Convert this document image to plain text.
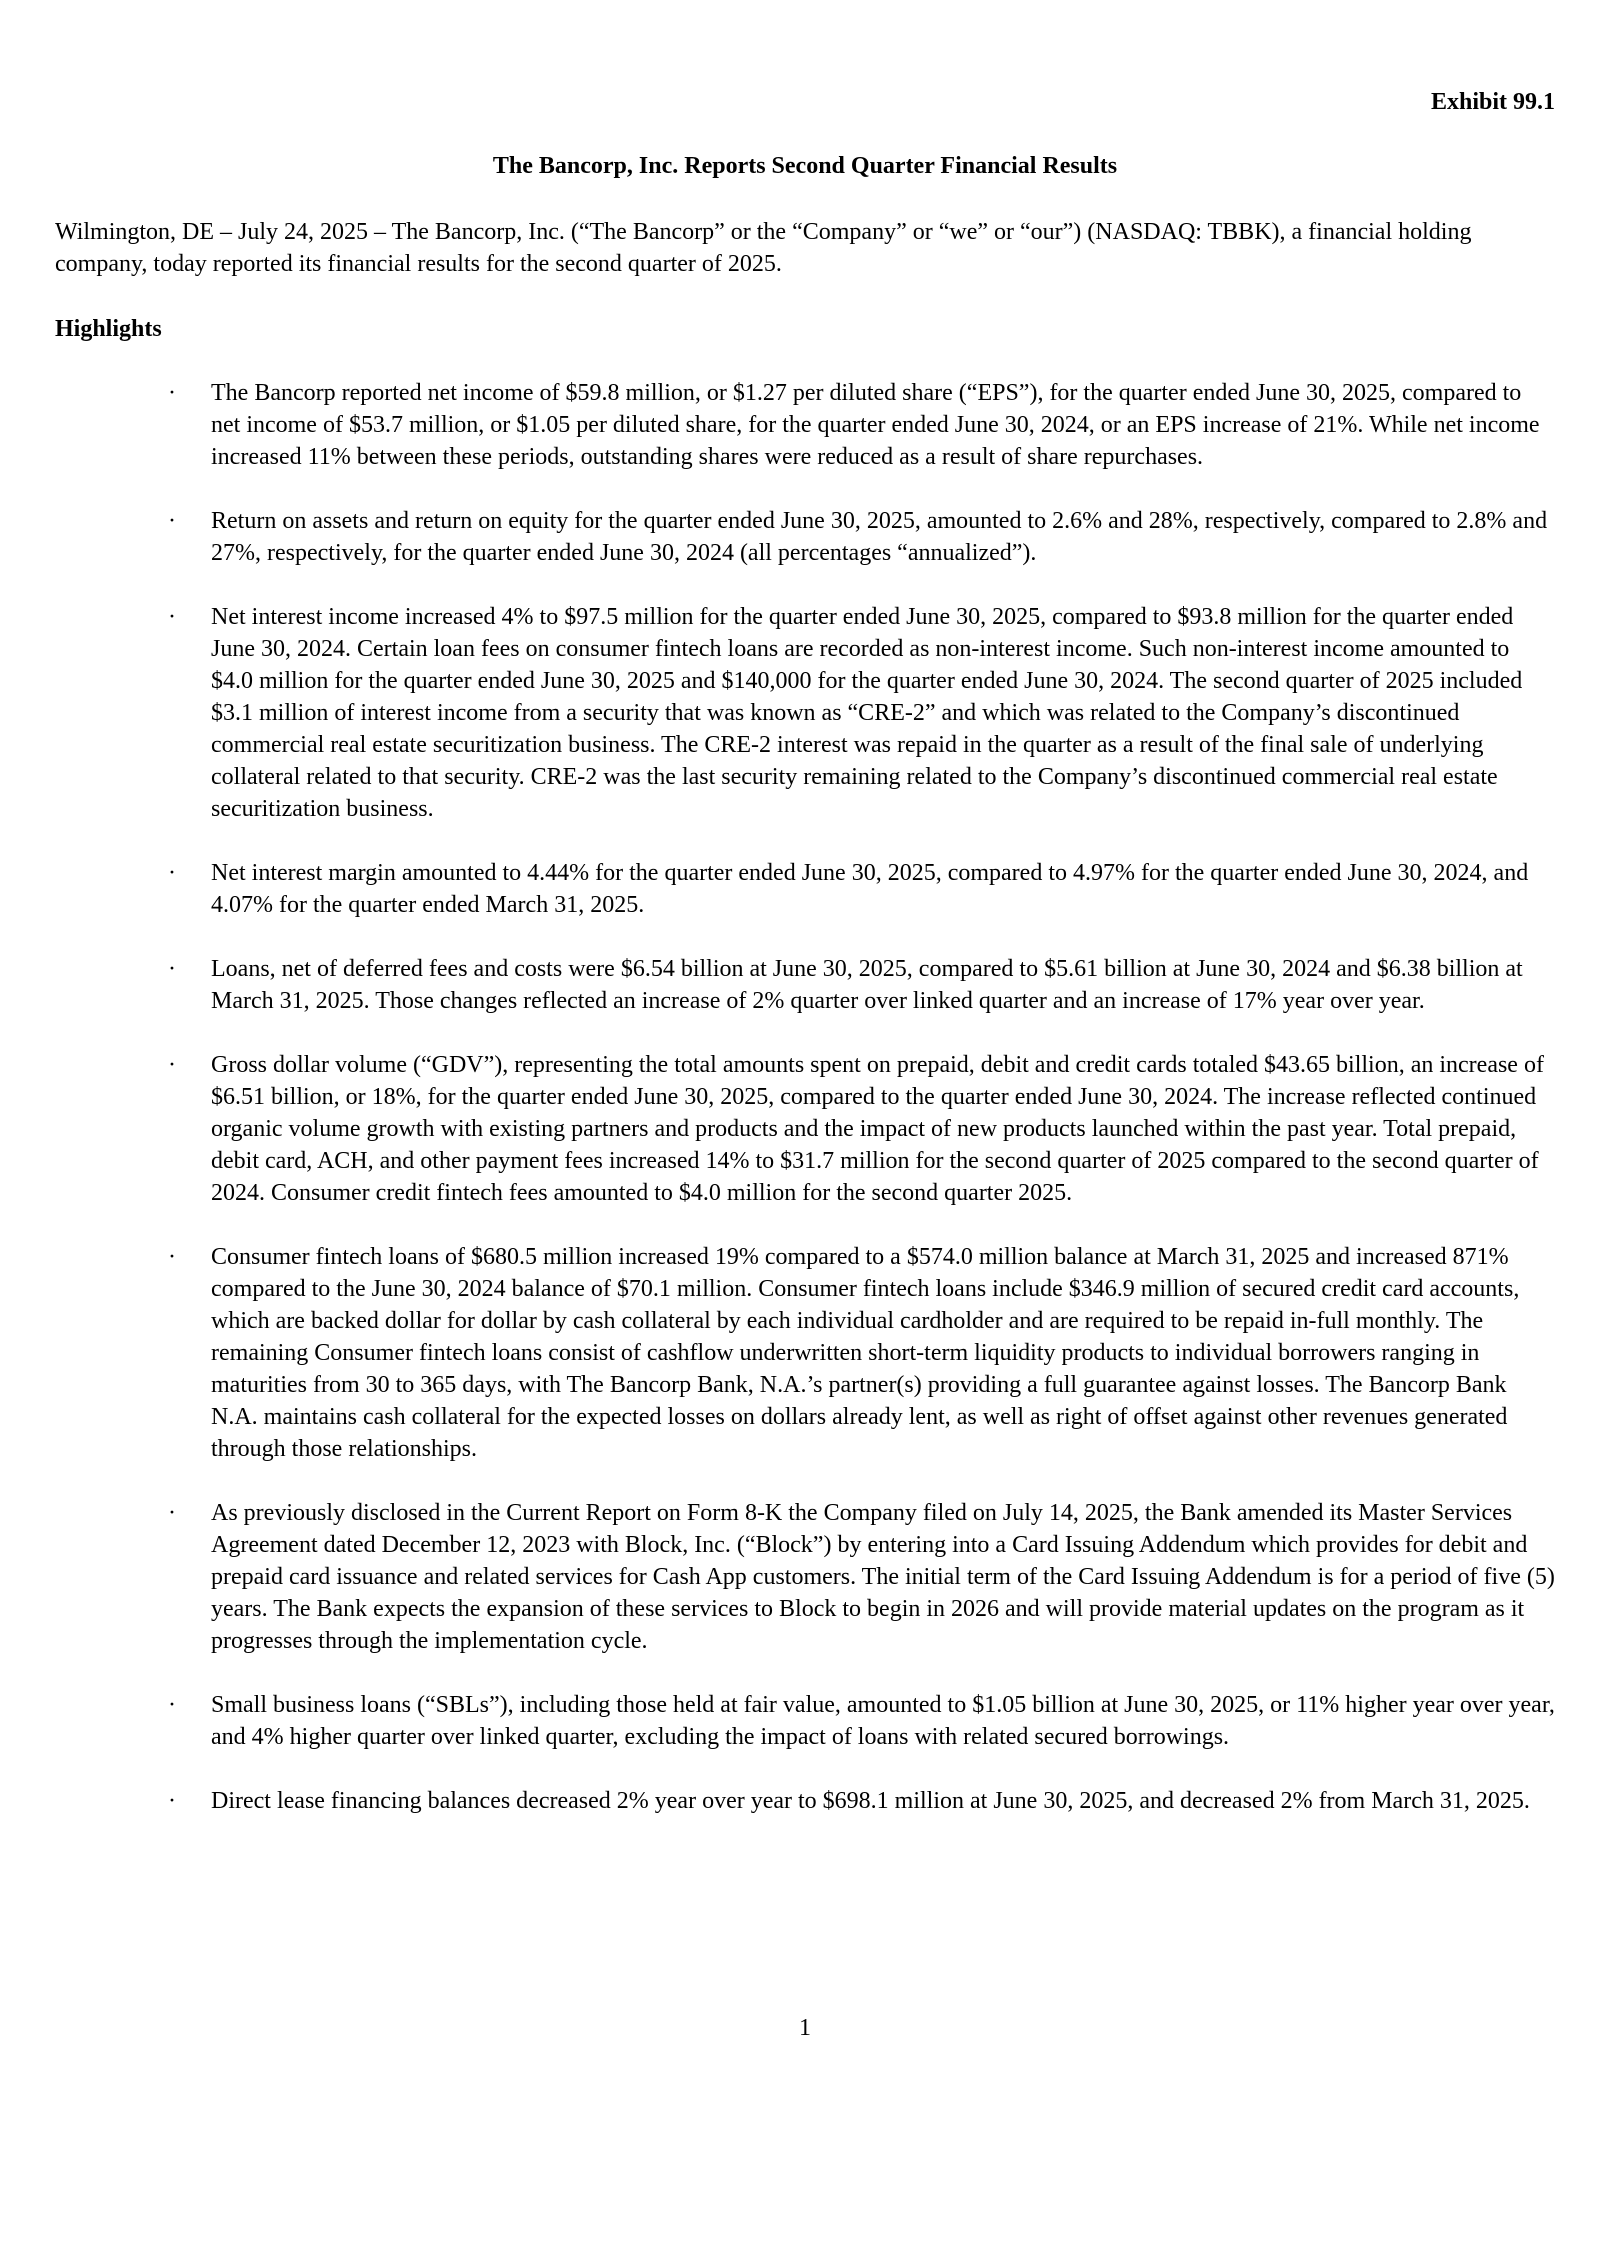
Exhibit 99.1
The Bancorp, Inc. Reports Second Quarter Financial Results

Wilmington, DE – July 24, 2025 – The Bancorp, Inc. (“The Bancorp” or the “Company” or “we” or “our”) (NASDAQ: TBBK), a financial holding company, today reported its financial results for the second quarter of 2025.

Highlights

· The Bancorp reported net income of $59.8 million, or $1.27 per diluted share (“EPS”), for the quarter ended June 30, 2025, compared to net income of $53.7 million, or $1.05 per diluted share, for the quarter ended June 30, 2024, or an EPS increase of 21%. While net income increased 11% between these periods, outstanding shares were reduced as a result of share repurchases.
· Return on assets and return on equity for the quarter ended June 30, 2025, amounted to 2.6% and 28%, respectively, compared to 2.8% and 27%, respectively, for the quarter ended June 30, 2024 (all percentages “annualized”).
· Net interest income increased 4% to $97.5 million for the quarter ended June 30, 2025, compared to $93.8 million for the quarter ended June 30, 2024. Certain loan fees on consumer fintech loans are recorded as non-interest income. Such non-interest income amounted to $4.0 million for the quarter ended June 30, 2025 and $140,000 for the quarter ended June 30, 2024. The second quarter of 2025 included $3.1 million of interest income from a security that was known as “CRE-2” and which was related to the Company’s discontinued commercial real estate securitization business. The CRE-2 interest was repaid in the quarter as a result of the final sale of underlying collateral related to that security. CRE-2 was the last security remaining related to the Company’s discontinued commercial real estate securitization business.
· Net interest margin amounted to 4.44% for the quarter ended June 30, 2025, compared to 4.97% for the quarter ended June 30, 2024, and 4.07% for the quarter ended March 31, 2025.
· Loans, net of deferred fees and costs were $6.54 billion at June 30, 2025, compared to $5.61 billion at June 30, 2024 and $6.38 billion at March 31, 2025. Those changes reflected an increase of 2% quarter over linked quarter and an increase of 17% year over year.
· Gross dollar volume (“GDV”), representing the total amounts spent on prepaid, debit and credit cards totaled $43.65 billion, an increase of $6.51 billion, or 18%, for the quarter ended June 30, 2025, compared to the quarter ended June 30, 2024. The increase reflected continued organic volume growth with existing partners and products and the impact of new products launched within the past year. Total prepaid, debit card, ACH, and other payment fees increased 14% to $31.7 million for the second quarter of 2025 compared to the second quarter of 2024. Consumer credit fintech fees amounted to $4.0 million for the second quarter 2025.
· Consumer fintech loans of $680.5 million increased 19% compared to a $574.0 million balance at March 31, 2025 and increased 871% compared to the June 30, 2024 balance of $70.1 million. Consumer fintech loans include $346.9 million of secured credit card accounts, which are backed dollar for dollar by cash collateral by each individual cardholder and are required to be repaid in-full monthly. The remaining Consumer fintech loans consist of cashflow underwritten short-term liquidity products to individual borrowers ranging in maturities from 30 to 365 days, with The Bancorp Bank, N.A.’s partner(s) providing a full guarantee against losses. The Bancorp Bank N.A. maintains cash collateral for the expected losses on dollars already lent, as well as right of offset against other revenues generated through those relationships.
· As previously disclosed in the Current Report on Form 8-K the Company filed on July 14, 2025, the Bank amended its Master Services Agreement dated December 12, 2023 with Block, Inc. (“Block”) by entering into a Card Issuing Addendum which provides for debit and prepaid card issuance and related services for Cash App customers. The initial term of the Card Issuing Addendum is for a period of five (5) years. The Bank expects the expansion of these services to Block to begin in 2026 and will provide material updates on the program as it progresses through the implementation cycle.
· Small business loans (“SBLs”), including those held at fair value, amounted to $1.05 billion at June 30, 2025, or 11% higher year over year, and 4% higher quarter over linked quarter, excluding the impact of loans with related secured borrowings.
· Direct lease financing balances decreased 2% year over year to $698.1 million at June 30, 2025, and decreased 2% from March 31, 2025.
1
